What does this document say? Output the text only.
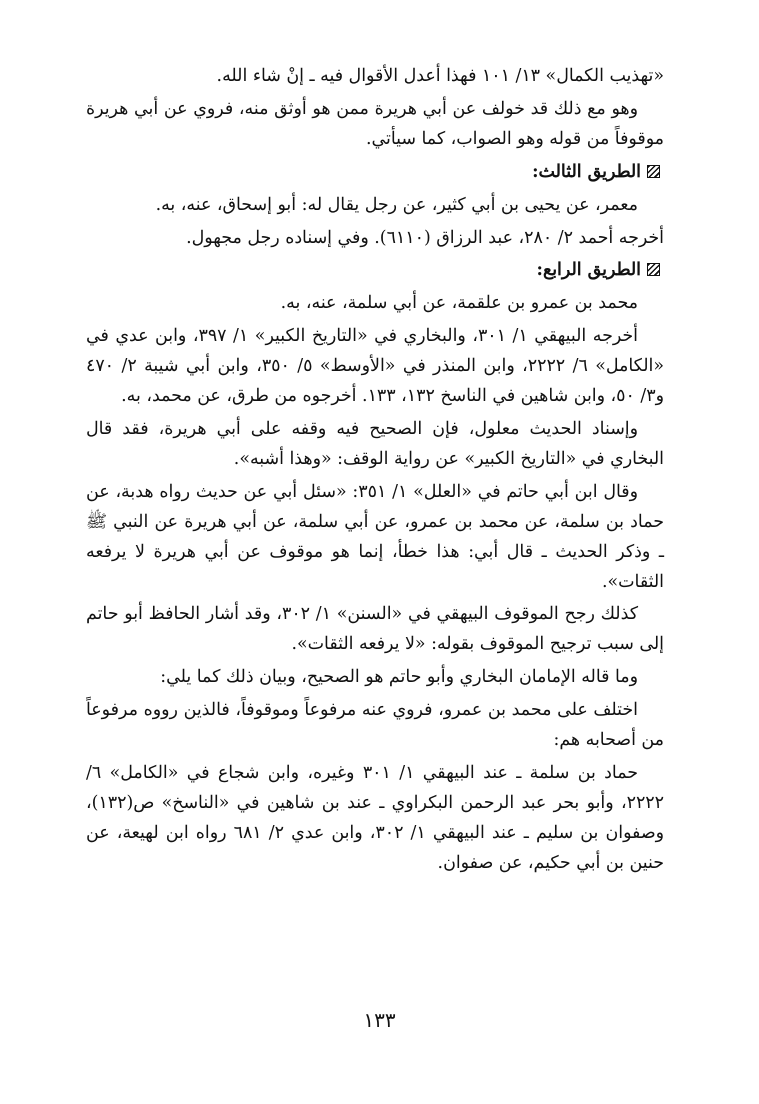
«تهذيب الكمال» ١٣/ ١٠١ فهذا أعدل الأقوال فيه ـ إنْ شاء الله.

وهو مع ذلك قد خولف عن أبي هريرة ممن هو أوثق منه، فروي عن أبي هريرة موقوفاً من قوله وهو الصواب، كما سيأتي.

الطريق الثالث:

معمر، عن يحيى بن أبي كثير، عن رجل يقال له: أبو إسحاق، عنه، به.

أخرجه أحمد ٢/ ٢٨٠، عبد الرزاق (٦١١٠). وفي إسناده رجل مجهول.

الطريق الرابع:

محمد بن عمرو بن علقمة، عن أبي سلمة، عنه، به.

أخرجه البيهقي ١/ ٣٠١، والبخاري في «التاريخ الكبير» ١/ ٣٩٧، وابن عدي في «الكامل» ٦/ ٢٢٢٢، وابن المنذر في «الأوسط» ٥/ ٣٥٠، وابن أبي شيبة ٢/ ٤٧٠ و٣/ ٥٠، وابن شاهين في الناسخ ١٣٢، ١٣٣. أخرجوه من طرق، عن محمد، به.

وإسناد الحديث معلول، فإن الصحيح فيه وقفه على أبي هريرة، فقد قال البخاري في «التاريخ الكبير» عن رواية الوقف: «وهذا أشبه».

وقال ابن أبي حاتم في «العلل» ١/ ٣٥١: «سئل أبي عن حديث رواه هدبة، عن حماد بن سلمة، عن محمد بن عمرو، عن أبي سلمة، عن أبي هريرة عن النبي ﷺ ـ وذكر الحديث ـ قال أبي: هذا خطأ، إنما هو موقوف عن أبي هريرة لا يرفعه الثقات».

كذلك رجح الموقوف البيهقي في «السنن» ١/ ٣٠٢، وقد أشار الحافظ أبو حاتم إلى سبب ترجيح الموقوف بقوله: «لا يرفعه الثقات».

وما قاله الإمامان البخاري وأبو حاتم هو الصحيح، وبيان ذلك كما يلي:

اختلف على محمد بن عمرو، فروي عنه مرفوعاً وموقوفاً، فالذين رووه مرفوعاً من أصحابه هم:

حماد بن سلمة ـ عند البيهقي ١/ ٣٠١ وغيره، وابن شجاع في «الكامل» ٦/ ٢٢٢٢، وأبو بحر عبد الرحمن البكراوي ـ عند بن شاهين في «الناسخ» ص(١٣٢)، وصفوان بن سليم ـ عند البيهقي ١/ ٣٠٢، وابن عدي ٢/ ٦٨١ رواه ابن لهيعة، عن حنين بن أبي حكيم، عن صفوان.

١٣٣
